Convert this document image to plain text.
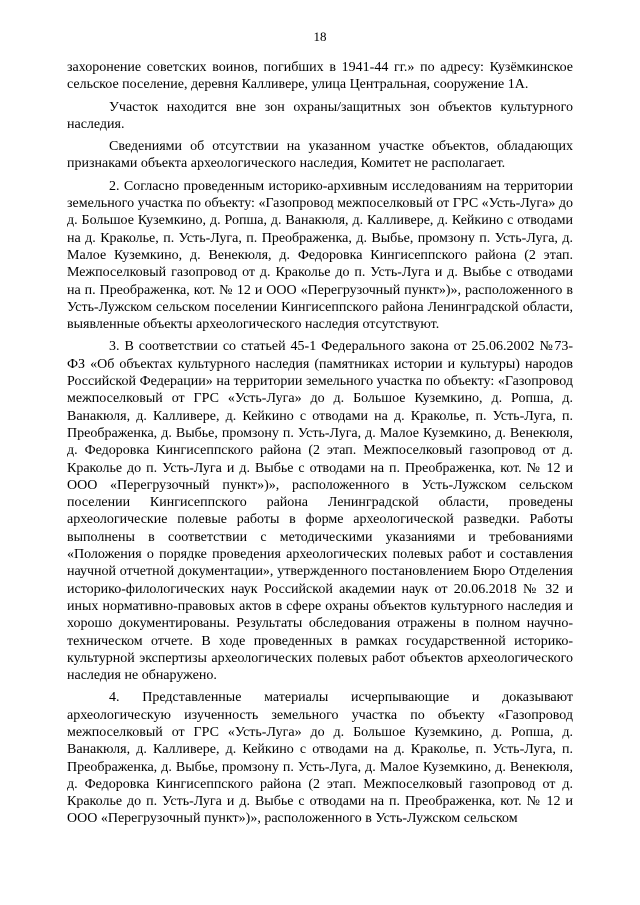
18

захоронение советских воинов, погибших в 1941-44 гг.» по адресу: Кузёмкинское сельское поселение, деревня Калливере, улица Центральная, сооружение 1А.

Участок находится вне зон охраны/защитных зон объектов культурного наследия.

Сведениями об отсутствии на указанном участке объектов, обладающих признаками объекта археологического наследия, Комитет не располагает.

2. Согласно проведенным историко-архивным исследованиям на территории земельного участка по объекту: «Газопровод межпоселковый от ГРС «Усть-Луга» до д. Большое Куземкино, д. Ропша, д. Ванакюля, д. Калливере, д. Кейкино с отводами на д. Краколье, п. Усть-Луга, п. Преображенка, д. Выбье, промзону п. Усть-Луга, д. Малое Куземкино, д. Венекюля, д. Федоровка Кингисеппского района (2 этап. Межпоселковый газопровод от д. Краколье до п. Усть-Луга и д. Выбье с отводами на п. Преображенка, кот. № 12 и ООО «Перегрузочный пункт»)», расположенного в Усть-Лужском сельском поселении Кингисеппского района Ленинградской области, выявленные объекты археологического наследия отсутствуют.

3. В соответствии со статьей 45-1 Федерального закона от 25.06.2002 №73-ФЗ «Об объектах культурного наследия (памятниках истории и культуры) народов Российской Федерации» на территории земельного участка по объекту: «Газопровод межпоселковый от ГРС «Усть-Луга» до д. Большое Куземкино, д. Ропша, д. Ванакюля, д. Калливере, д. Кейкино с отводами на д. Краколье, п. Усть-Луга, п. Преображенка, д. Выбье, промзону п. Усть-Луга, д. Малое Куземкино, д. Венекюля, д. Федоровка Кингисеппского района (2 этап. Межпоселковый газопровод от д. Краколье до п. Усть-Луга и д. Выбье с отводами на п. Преображенка, кот. № 12 и ООО «Перегрузочный пункт»)», расположенного в Усть-Лужском сельском поселении Кингисеппского района Ленинградской области, проведены археологические полевые работы в форме археологической разведки. Работы выполнены в соответствии с методическими указаниями и требованиями «Положения о порядке проведения археологических полевых работ и составления научной отчетной документации», утвержденного постановлением Бюро Отделения историко-филологических наук Российской академии наук от 20.06.2018 № 32 и иных нормативно-правовых актов в сфере охраны объектов культурного наследия и хорошо документированы. Результаты обследования отражены в полном научно-техническом отчете. В ходе проведенных в рамках государственной историко-культурной экспертизы археологических полевых работ объектов археологического наследия не обнаружено.

4. Представленные материалы исчерпывающие и доказывают археологическую изученность земельного участка по объекту «Газопровод межпоселковый от ГРС «Усть-Луга» до д. Большое Куземкино, д. Ропша, д. Ванакюля, д. Калливере, д. Кейкино с отводами на д. Краколье, п. Усть-Луга, п. Преображенка, д. Выбье, промзону п. Усть-Луга, д. Малое Куземкино, д. Венекюля, д. Федоровка Кингисеппского района (2 этап. Межпоселковый газопровод от д. Краколье до п. Усть-Луга и д. Выбье с отводами на п. Преображенка, кот. № 12 и ООО «Перегрузочный пункт»)», расположенного в Усть-Лужском сельском
